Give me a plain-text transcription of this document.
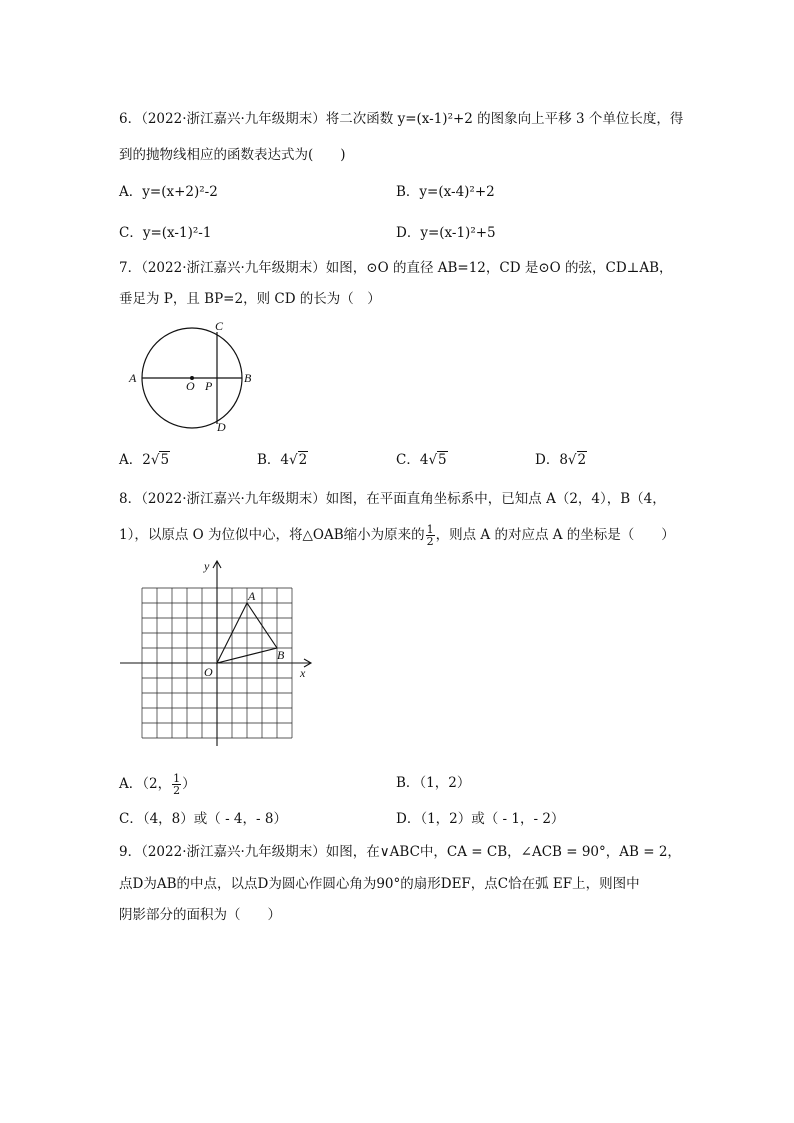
6．（2022·浙江嘉兴·九年级期末）将二次函数 y=(x-1)²+2 的图象向上平移 3 个单位长度，得
到的抛物线相应的函数表达式为(　　)
A．y=(x+2)²-2	B．y=(x-4)²+2
C．y=(x-1)²-1	D．y=(x-1)²+5
7．（2022·浙江嘉兴·九年级期末）如图，⊙O 的直径 AB=12，CD 是⊙O 的弦，CD⊥AB，
垂足为 P，且 BP=2，则 CD 的长为（　）
A	B
C
D
O P
A．2√5	B．4√2	C．4√5	D．8√2
8．（2022·浙江嘉兴·九年级期末）如图，在平面直角坐标系中，已知点 A（2，4），B（4，
1），以原点 O 为位似中心，将△OAB缩小为原来的 $\frac{1}{2}$ ，则点 A 的对应点 A 的坐标是（　　）
A
B
O	x
y
A．（2， $\frac{1}{2}$ ）	B．（1，2）
C．（4，8）或（ - 4，- 8）	D．（1，2）或（ - 1，- 2）
9．（2022·浙江嘉兴·九年级期末）如图，在∨ABC中，CA = CB，∠ACB = 90°，AB = 2，
点D为AB的中点，以点D为圆心作圆心角为90°的扇形DEF，点C恰在弧 EF上，则图中
阴影部分的面积为（　　）
